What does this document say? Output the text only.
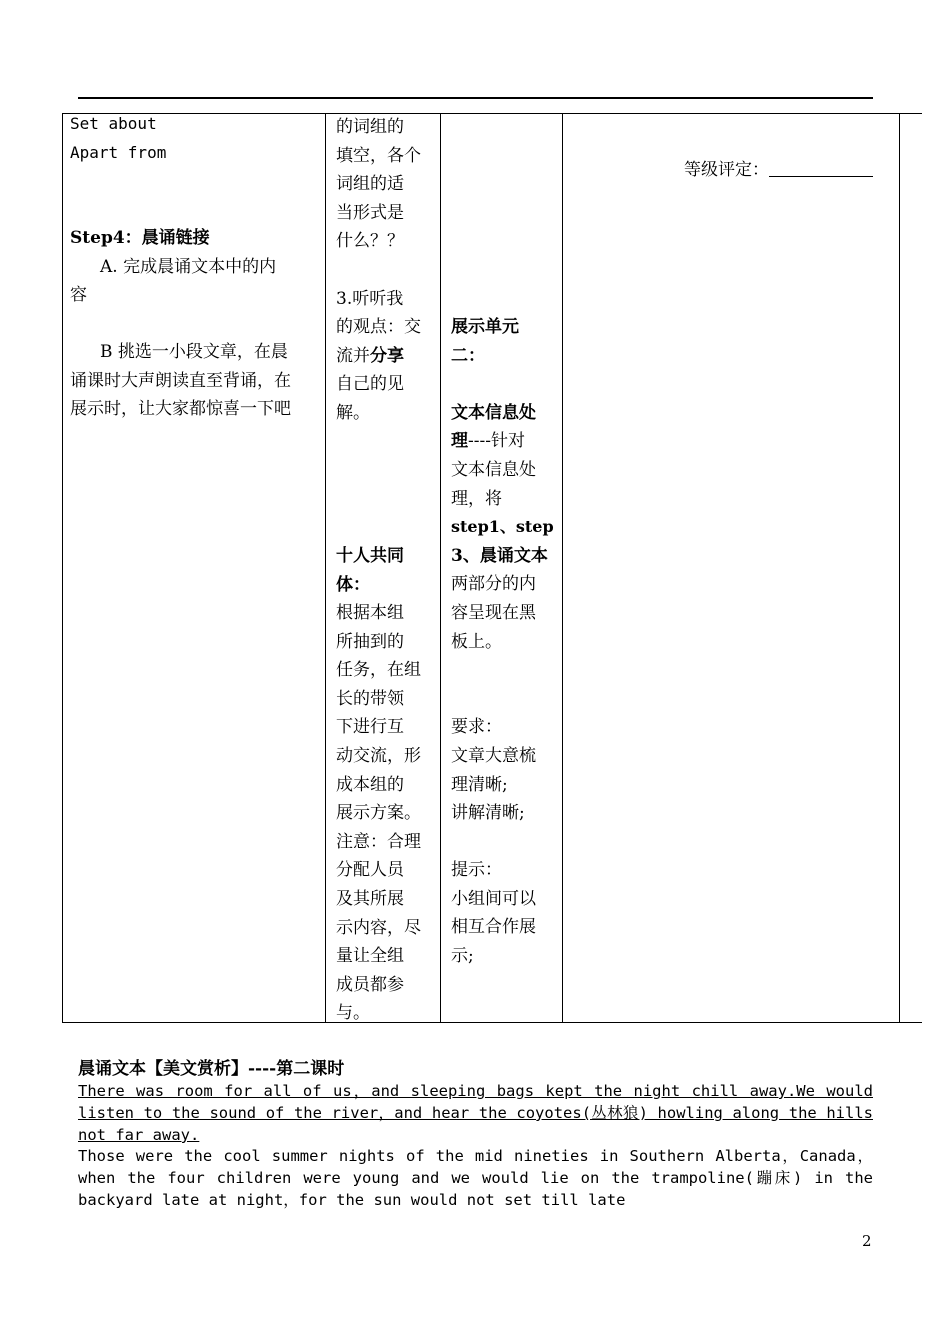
Set about
Apart from
Step4：晨诵链接
A. 完成晨诵文本中的内
容
B 挑选一小段文章，在晨
诵课时大声朗读直至背诵，在
展示时，让大家都惊喜一下吧
的词组的
填空，各个
词组的适
当形式是
什么？？
3.听听我
的观点：交
流并分享
自己的见
解。
十人共同
体：
根据本组
所抽到的
任务，在组
长的带领
下进行互
动交流，形
成本组的
展示方案。
注意：合理
分配人员
及其所展
示内容，尽
量让全组
成员都参
与。
展示单元
二：
文本信息处
理----针对
文本信息处
理，将
step1、step
3、晨诵文本
两部分的内
容呈现在黑
板上。
要求：
文章大意梳
理清晰;
讲解清晰;
提示：
小组间可以
相互合作展
示;
等级评定：
晨诵文本【美文赏析】----第二课时
There was room for all of us，and sleeping bags kept the night chill away.We would listen to the sound of the river，and hear the coyotes(丛林狼) howling along the hills not far away.
Those were the cool summer nights of the mid nineties in Southern Alberta，Canada，when the four children were young and we would lie on the trampoline(蹦床) in the backyard late at night，for the sun would not set till late
2
